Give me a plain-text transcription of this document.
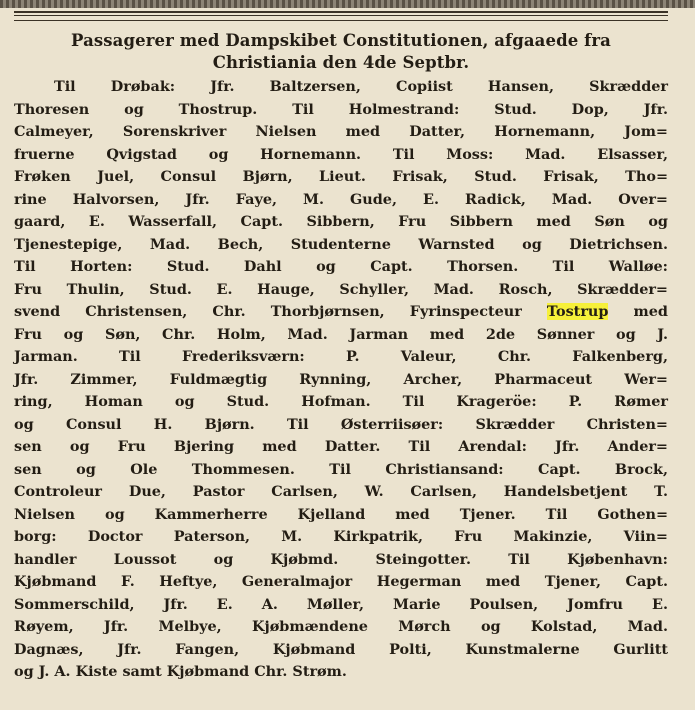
Passagerer med Dampskibet Constitutionen, afgaaede fra
Christiania den 4de Septbr.
Til Drøbak: Jfr. Baltzersen, Copiist Hansen, Skrædder
Thoresen og Thostrup. Til Holmestrand: Stud. Dop, Jfr.
Calmeyer, Sorenskriver Nielsen med Datter, Hornemann, Jom=
fruerne Qvigstad og Hornemann. Til Moss: Mad. Elsasser,
Frøken Juel, Consul Bjørn, Lieut. Frisak, Stud. Frisak, Tho=
rine Halvorsen, Jfr. Faye, M. Gude, E. Radick, Mad. Over=
gaard, E. Wasserfall, Capt. Sibbern, Fru Sibbern med Søn og
Tjenestepige, Mad. Bech, Studenterne Warnsted og Dietrichsen.
Til Horten: Stud. Dahl og Capt. Thorsen. Til Walløe:
Fru Thulin, Stud. E. Hauge, Schyller, Mad. Rosch, Skrædder=
svend Christensen, Chr. Thorbjørnsen, Fyrinspecteur Tostrup med
Fru og Søn, Chr. Holm, Mad. Jarman med 2de Sønner og J.
Jarman. Til Frederiksværn: P. Valeur, Chr. Falkenberg,
Jfr. Zimmer, Fuldmægtig Rynning, Archer, Pharmaceut Wer=
ring, Homan og Stud. Hofman. Til Krageröe: P. Rømer
og Consul H. Bjørn. Til Østerriisøer: Skrædder Christen=
sen og Fru Bjering med Datter. Til Arendal: Jfr. Ander=
sen og Ole Thommesen. Til Christiansand: Capt. Brock,
Controleur Due, Pastor Carlsen, W. Carlsen, Handelsbetjent T.
Nielsen og Kammerherre Kjelland med Tjener. Til Gothen=
borg: Doctor Paterson, M. Kirkpatrik, Fru Makinzie, Viin=
handler Loussot og Kjøbmd. Steingotter. Til Kjøbenhavn:
Kjøbmand F. Heftye, Generalmajor Hegerman med Tjener, Capt.
Sommerschild, Jfr. E. A. Møller, Marie Poulsen, Jomfru E.
Røyem, Jfr. Melbye, Kjøbmændene Mørch og Kolstad, Mad.
Dagnæs, Jfr. Fangen, Kjøbmand Polti, Kunstmalerne Gurlitt
og J. A. Kiste samt Kjøbmand Chr. Strøm.
